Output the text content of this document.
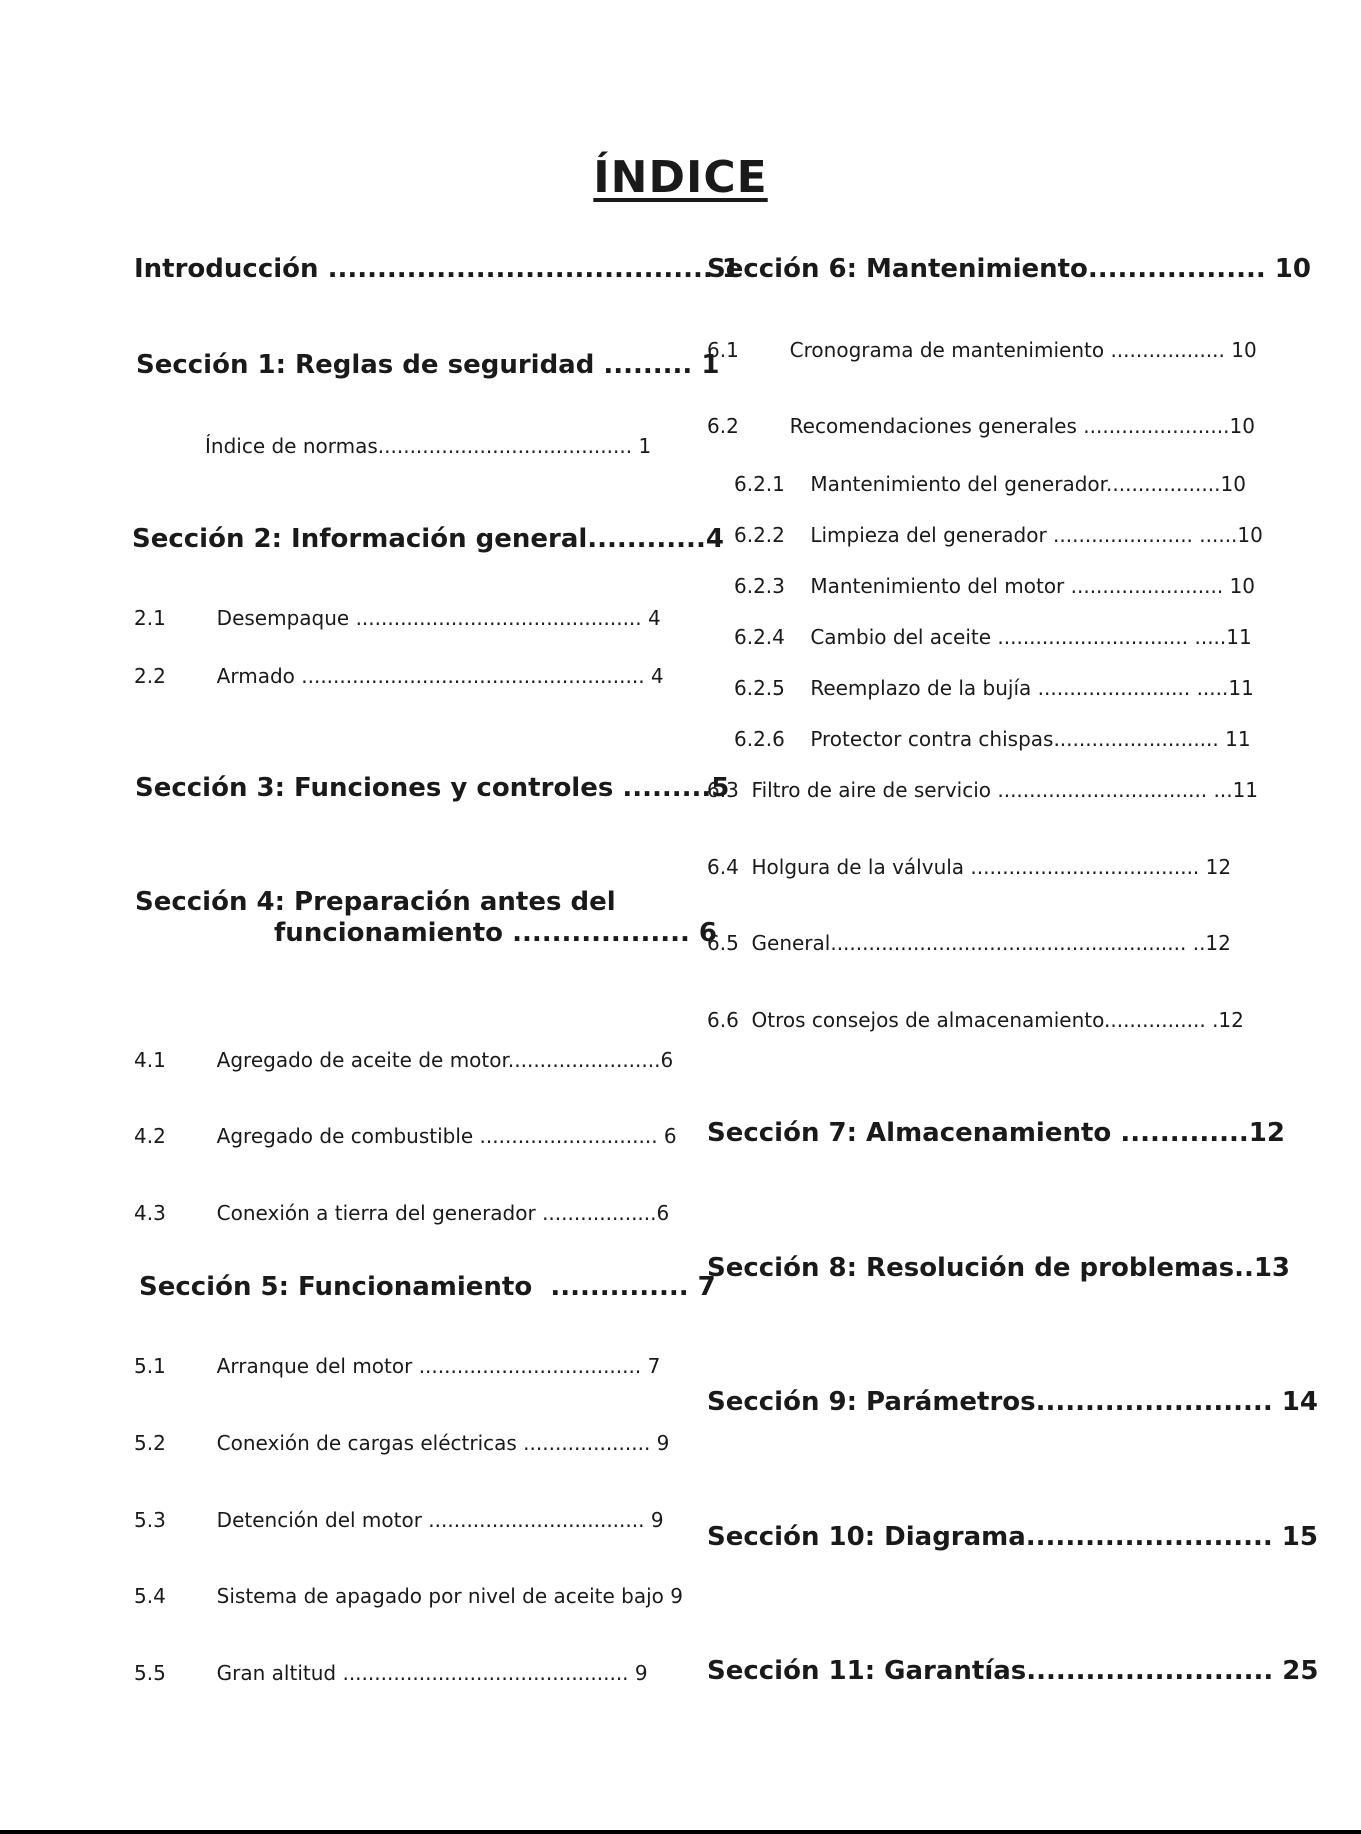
ÍNDICE
Introducción ....................................... 1
Sección 1: Reglas de seguridad ......... 1
Índice de normas........................................ 1
Sección 2: Información general............4
2.1        Desempaque ............................................. 4
2.2        Armado ...................................................... 4
Sección 3: Funciones y controles .........5
Sección 4: Preparación antes del
funcionamiento .................. 6
4.1        Agregado de aceite de motor........................6
4.2        Agregado de combustible ............................ 6
4.3        Conexión a tierra del generador ..................6
Sección 5: Funcionamiento  .............. 7
5.1        Arranque del motor ................................... 7
5.2        Conexión de cargas eléctricas .................... 9
5.3        Detención del motor .................................. 9
5.4        Sistema de apagado por nivel de aceite bajo 9
5.5        Gran altitud ............................................. 9
Sección 6: Mantenimiento.................. 10
6.1        Cronograma de mantenimiento .................. 10
6.2        Recomendaciones generales .......................10
6.2.1    Mantenimiento del generador..................10
6.2.2    Limpieza del generador ...................... ......10
6.2.3    Mantenimiento del motor ........................ 10
6.2.4    Cambio del aceite .............................. .....11
6.2.5    Reemplazo de la bujía ........................ .....11
6.2.6    Protector contra chispas.......................... 11
6.3  Filtro de aire de servicio ................................. ...11
6.4  Holgura de la válvula .................................... 12
6.5  General........................................................ ..12
6.6  Otros consejos de almacenamiento................ .12
Sección 7: Almacenamiento .............12
Sección 8: Resolución de problemas..13
Sección 9: Parámetros........................ 14
Sección 10: Diagrama......................... 15
Sección 11: Garantías......................... 25
